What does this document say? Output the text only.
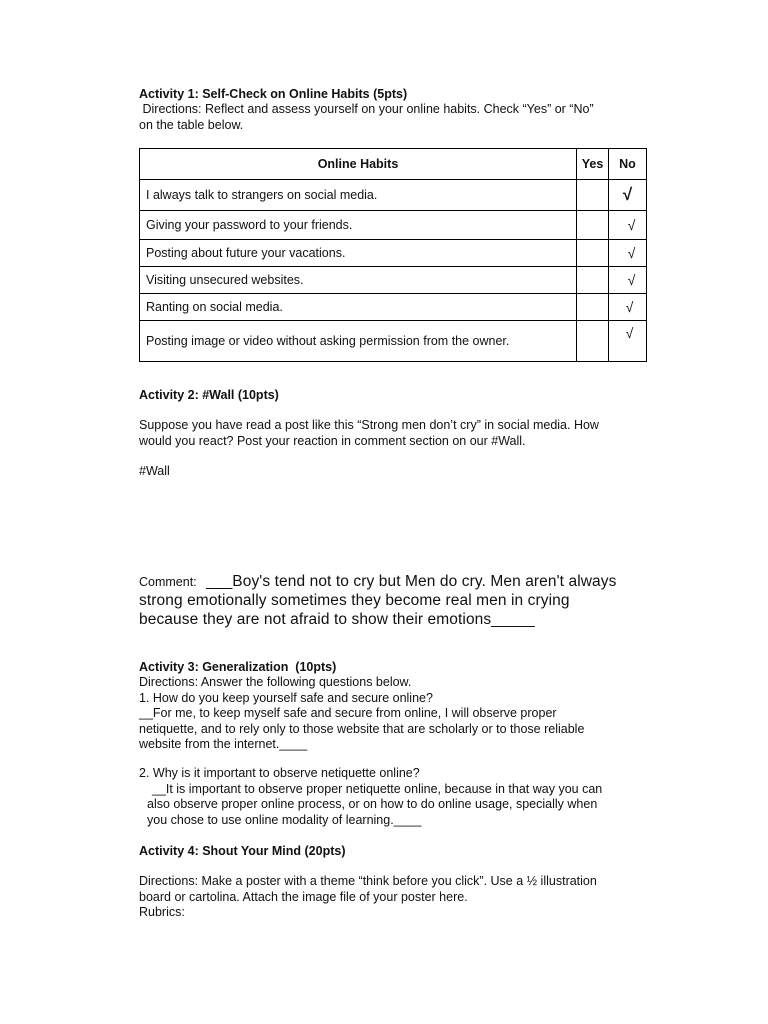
Activity 1: Self-Check on Online Habits (5pts)

Directions: Reflect and assess yourself on your online habits. Check “Yes” or “No”

on the table below.

Online Habits	Yes	No
I always talk to strangers on social media.		√
Giving your password to your friends.		√
Posting about future your vacations.		√
Visiting unsecured websites.		√
Ranting on social media.		√
Posting image or video without asking permission from the owner.		√

Activity 2: #Wall (10pts)

Suppose you have read a post like this “Strong men don’t cry” in social media. How

would you react? Post your reaction in comment section on our #Wall.

#Wall

Comment: ___Boy's tend not to cry but Men do cry. Men aren't always
strong emotionally sometimes they become real men in crying
because they are not afraid to show their emotions_____

Activity 3: Generalization  (10pts)

Directions: Answer the following questions below.

1. How do you keep yourself safe and secure online?

__For me, to keep myself safe and secure from online, I will observe proper

netiquette, and to rely only to those website that are scholarly or to those reliable

website from the internet.____

2. Why is it important to observe netiquette online?

__It is important to observe proper netiquette online, because in that way you can

also observe proper online process, or on how to do online usage, specially when

you chose to use online modality of learning.____

Activity 4: Shout Your Mind (20pts)

Directions: Make a poster with a theme “think before you click”. Use a ½ illustration

board or cartolina. Attach the image file of your poster here.

Rubrics:
